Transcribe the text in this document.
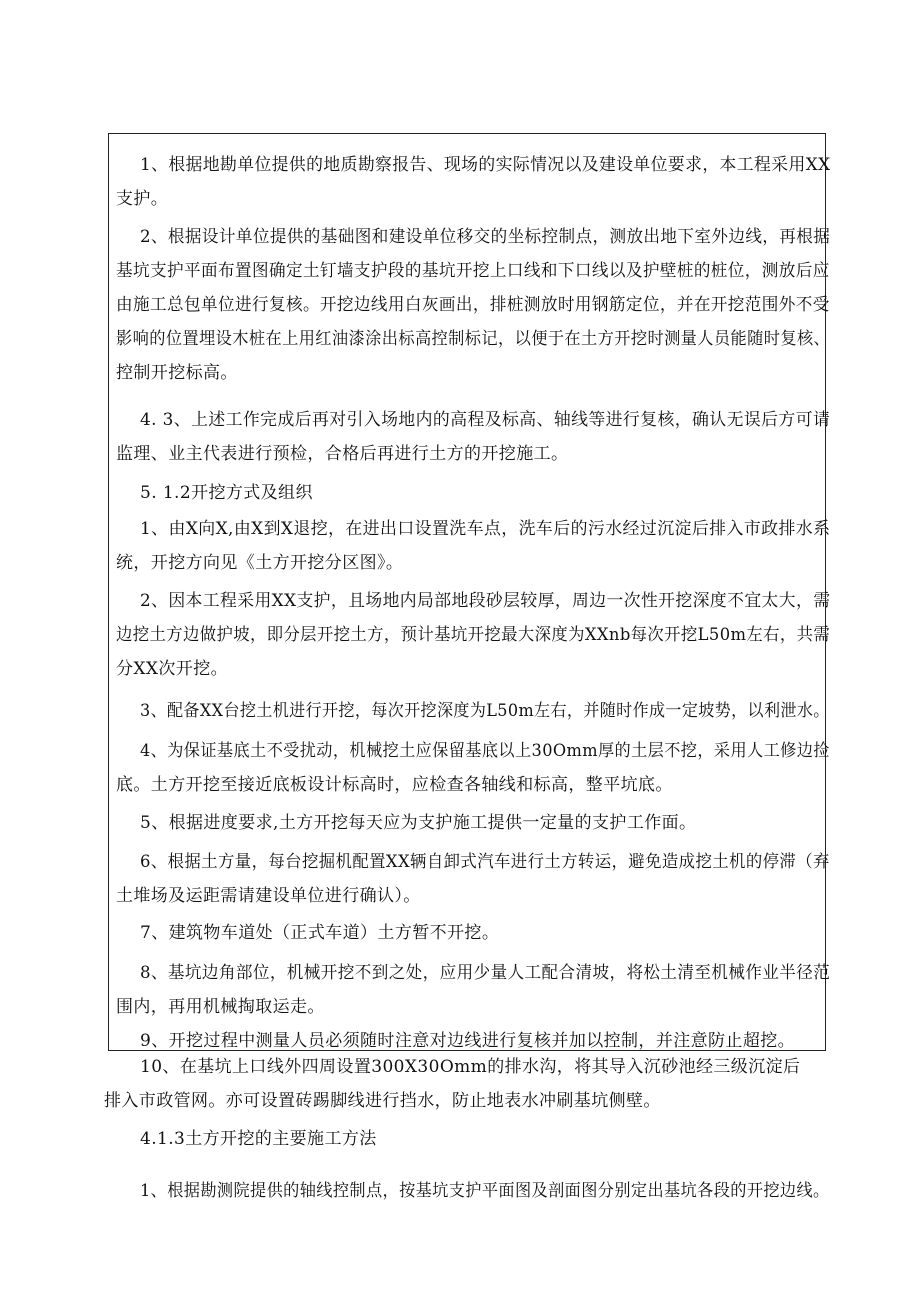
1、根据地勘单位提供的地质勘察报告、现场的实际情况以及建设单位要求，本工程采用XX

支护。

2、根据设计单位提供的基础图和建设单位移交的坐标控制点，测放出地下室外边线，再根据

基坑支护平面布置图确定土钉墙支护段的基坑开挖上口线和下口线以及护壁桩的桩位，测放后应

由施工总包单位进行复核。开挖边线用白灰画出，排桩测放时用钢筋定位，并在开挖范围外不受

影响的位置埋设木桩在上用红油漆涂出标高控制标记，以便于在土方开挖时测量人员能随时复核、

控制开挖标高。

4. 3、上述工作完成后再对引入场地内的高程及标高、轴线等进行复核，确认无误后方可请

监理、业主代表进行预检，合格后再进行土方的开挖施工。

5. 1.2开挖方式及组织

1、由X向X,由X到X退挖，在进出口设置洗车点，洗车后的污水经过沉淀后排入市政排水系

统，开挖方向见《土方开挖分区图》。

2、因本工程采用XX支护，且场地内局部地段砂层较厚，周边一次性开挖深度不宜太大，需

边挖土方边做护坡，即分层开挖土方，预计基坑开挖最大深度为XXnb每次开挖L50m左右，共需

分XX次开挖。

3、配备XX台挖土机进行开挖，每次开挖深度为L50m左右，并随时作成一定坡势，以利泄水。

4、为保证基底土不受扰动，机械挖土应保留基底以上30Omm厚的土层不挖，采用人工修边捡

底。土方开挖至接近底板设计标高时，应检查各轴线和标高，整平坑底。

5、根据进度要求,土方开挖每天应为支护施工提供一定量的支护工作面。

6、根据土方量，每台挖掘机配置XX辆自卸式汽车进行土方转运，避免造成挖土机的停滞（弃

土堆场及运距需请建设单位进行确认）。

7、建筑物车道处（正式车道）土方暂不开挖。

8、基坑边角部位，机械开挖不到之处，应用少量人工配合清坡，将松土清至机械作业半径范

围内，再用机械掏取运走。

9、开挖过程中测量人员必须随时注意对边线进行复核并加以控制，并注意防止超挖。

10、在基坑上口线外四周设置300X30Omm的排水沟，将其导入沉砂池经三级沉淀后

排入市政管网。亦可设置砖踢脚线进行挡水，防止地表水冲刷基坑侧壁。

4.1.3土方开挖的主要施工方法

1、根据勘测院提供的轴线控制点，按基坑支护平面图及剖面图分别定出基坑各段的开挖边线。
